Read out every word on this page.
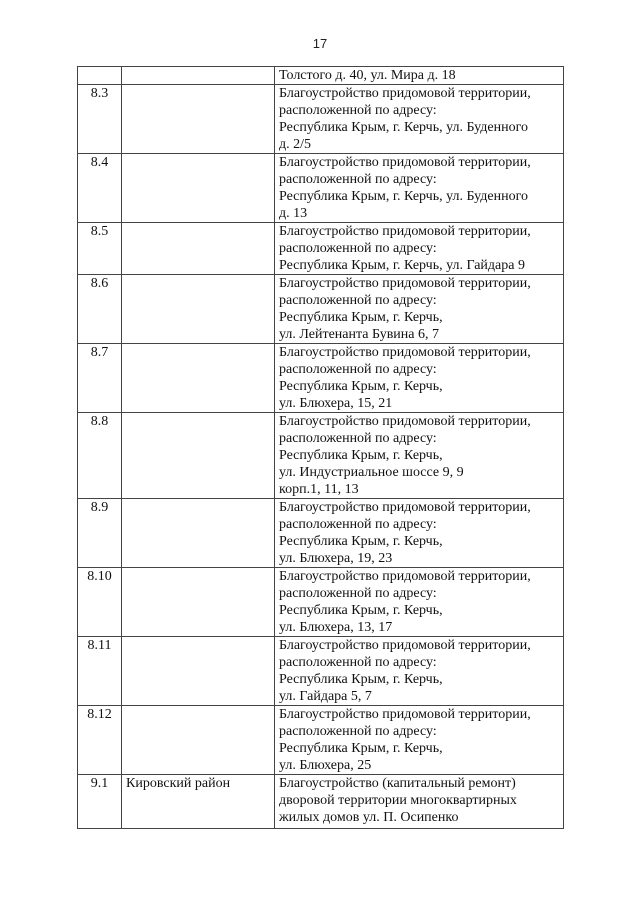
17

		Толстого д. 40, ул. Мира д. 18

8.3		Благоустройство придомовой территории,
расположенной по адресу:
Республика Крым, г. Керчь, ул. Буденного
д. 2/5

8.4		Благоустройство придомовой территории,
расположенной по адресу:
Республика Крым, г. Керчь, ул. Буденного
д. 13

8.5		Благоустройство придомовой территории,
расположенной по адресу:
Республика Крым, г. Керчь, ул. Гайдара 9

8.6		Благоустройство придомовой территории,
расположенной по адресу:
Республика Крым, г. Керчь,
ул. Лейтенанта Бувина 6, 7

8.7		Благоустройство придомовой территории,
расположенной по адресу:
Республика Крым, г. Керчь,
ул. Блюхера, 15, 21

8.8		Благоустройство придомовой территории,
расположенной по адресу:
Республика Крым, г. Керчь,
ул. Индустриальное шоссе 9, 9
корп.1, 11, 13

8.9		Благоустройство придомовой территории,
расположенной по адресу:
Республика Крым, г. Керчь,
ул. Блюхера, 19, 23

8.10		Благоустройство придомовой территории,
расположенной по адресу:
Республика Крым, г. Керчь,
ул. Блюхера, 13, 17

8.11		Благоустройство придомовой территории,
расположенной по адресу:
Республика Крым, г. Керчь,
ул. Гайдара 5, 7

8.12		Благоустройство придомовой территории,
расположенной по адресу:
Республика Крым, г. Керчь,
ул. Блюхера, 25

9.1	Кировский район	Благоустройство (капитальный ремонт)
дворовой территории многоквартирных
жилых домов ул. П. Осипенко
